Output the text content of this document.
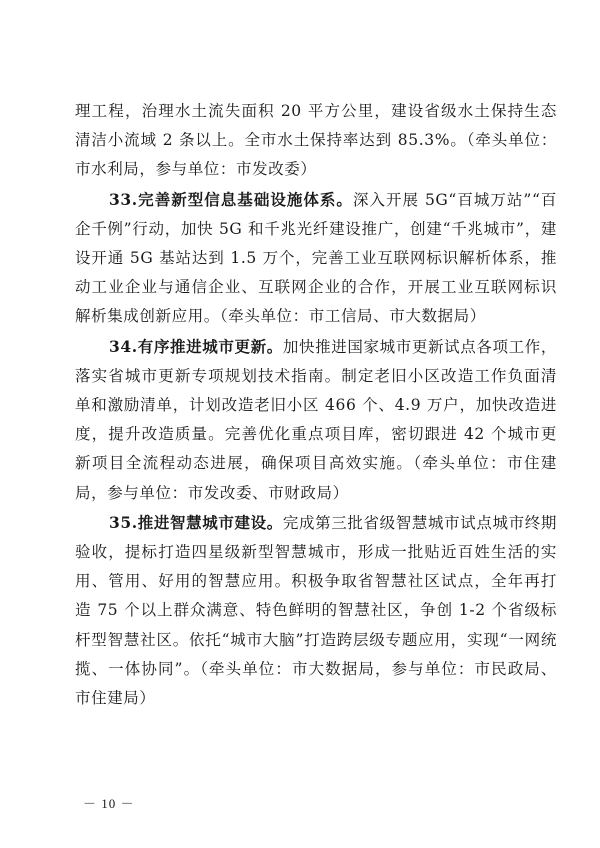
理工程，治理水土流失面积 20 平方公里，建设省级水土保持生态清洁小流域 2 条以上。全市水土保持率达到 85.3%。（牵头单位：市水利局，参与单位：市发改委）

33.完善新型信息基础设施体系。深入开展 5G“百城万站”“百企千例”行动，加快 5G 和千兆光纤建设推广，创建“千兆城市”，建设开通 5G 基站达到 1.5 万个，完善工业互联网标识解析体系，推动工业企业与通信企业、互联网企业的合作，开展工业互联网标识解析集成创新应用。（牵头单位：市工信局、市大数据局）

34.有序推进城市更新。加快推进国家城市更新试点各项工作，落实省城市更新专项规划技术指南。制定老旧小区改造工作负面清单和激励清单，计划改造老旧小区 466 个、4.9 万户，加快改造进度，提升改造质量。完善优化重点项目库，密切跟进 42 个城市更新项目全流程动态进展，确保项目高效实施。（牵头单位：市住建局，参与单位：市发改委、市财政局）

35.推进智慧城市建设。完成第三批省级智慧城市试点城市终期验收，提标打造四星级新型智慧城市，形成一批贴近百姓生活的实用、管用、好用的智慧应用。积极争取省智慧社区试点，全年再打造 75 个以上群众满意、特色鲜明的智慧社区，争创 1-2 个省级标杆型智慧社区。依托“城市大脑”打造跨层级专题应用，实现“一网统揽、一体协同”。（牵头单位：市大数据局，参与单位：市民政局、市住建局）

－ 10 －
